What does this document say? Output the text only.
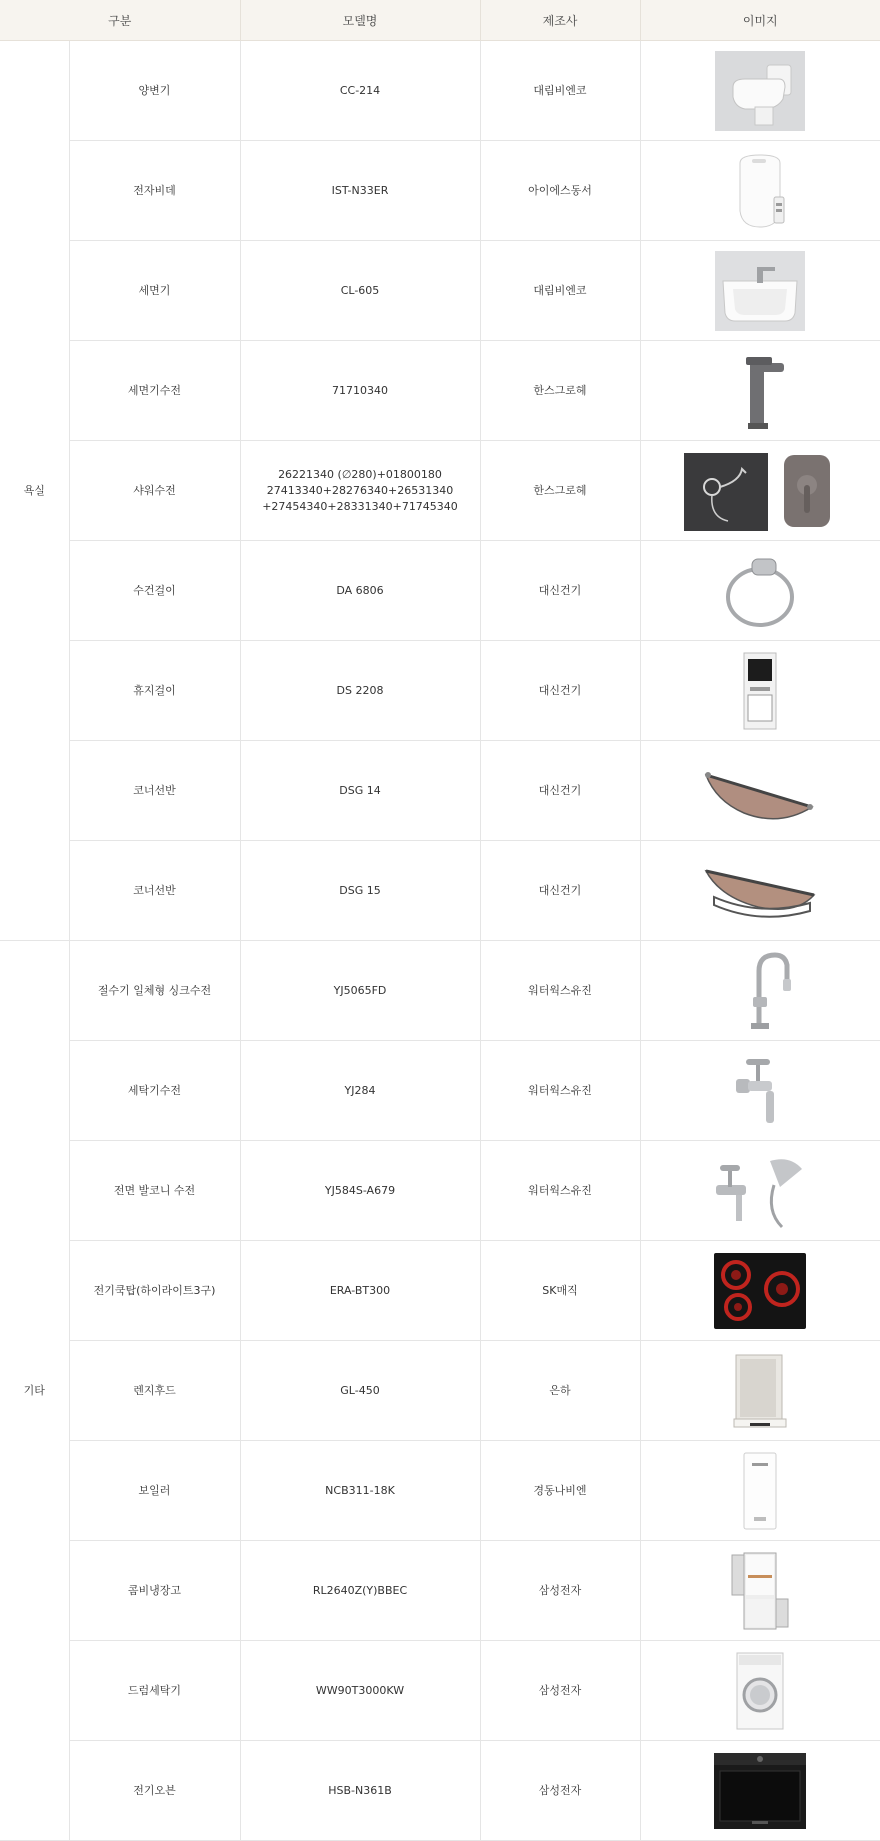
구분		모델명	제조사	이미지
욕실	양변기	CC-214	대림비엔코	

	전자비데	IST-N33ER	아이에스동서	

	세면기	CL-605	대림비엔코	

	세면기수전	71710340	한스그로헤	

	샤워수전	26221340 (∅280)+01800180
27413340+28276340+26531340
+27454340+28331340+71745340	한스그로헤	

	수건걸이	DA 6806	대신건기	

	휴지걸이	DS 2208	대신건기	

	코너선반	DSG 14	대신건기	

	코너선반	DSG 15	대신건기	

기타	절수기 일체형 싱크수전	YJ5065FD	워터웍스유진	

	세탁기수전	YJ284	워터웍스유진	

	전면 발코니 수전	YJ584S-A679	워터웍스유진	

	전기쿡탑(하이라이트3구)	ERA-BT300	SK매직	

	렌지후드	GL-450	은하	

	보일러	NCB311-18K	경동나비엔	

	콤비냉장고	RL2640Z(Y)BBEC	삼성전자	

	드럼세탁기	WW90T3000KW	삼성전자	

	전기오븐	HSB-N361B	삼성전자	
